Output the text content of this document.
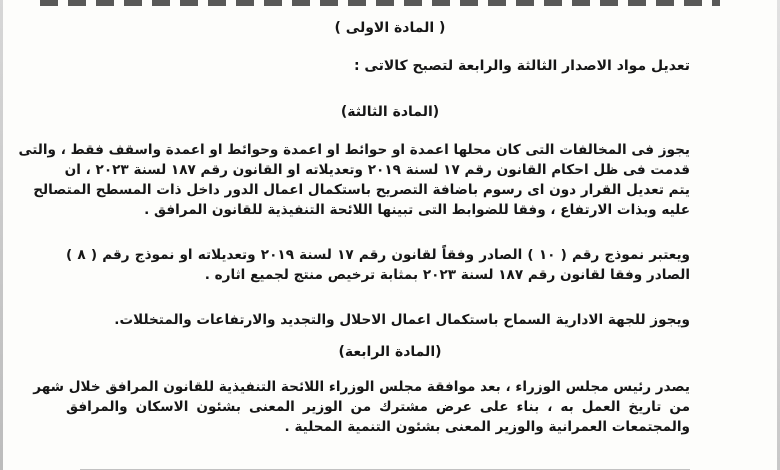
( المادة الاولى )
تعديل مواد الاصدار الثالثة والرابعة لتصبح كالاتى :
(المادة الثالثة)
يجوز فى المخالفات التى كان محلها اعمدة او حوائط او اعمدة وحوائط او اعمدة واسقف فقط ، والتى
قدمت فى ظل احكام القانون رقم ١٧ لسنة ٢٠١٩ وتعديلاته او القانون رقم ١٨٧ لسنة ٢٠٢٣ ، ان
يتم تعديل القرار دون اى رسوم باضافة التصريح باستكمال اعمال الدور داخل ذات المسطح المتصالح
عليه وبذات الارتفاع ، وفقا للضوابط التى تبينها اللائحة التنفيذية للقانون المرافق .
ويعتبر نموذج رقم ( ١٠ ) الصادر وفقاً لقانون رقم ١٧ لسنة ٢٠١٩ وتعديلاته او نموذج رقم ( ٨ )
الصادر وفقا لقانون رقم ١٨٧ لسنة ٢٠٢٣ بمثابة ترخيص منتج لجميع اثاره .
ويجوز للجهة الادارية السماح باستكمال اعمال الاحلال والتجديد والارتفاعات والمتخللات.
(المادة الرابعة)
يصدر رئيس مجلس الوزراء ، بعد موافقة مجلس الوزراء اللائحة التنفيذية للقانون المرافق خلال شهر
من تاريخ العمل به ، بناء على عرض مشترك من الوزير المعنى بشئون الاسكان والمرافق
والمجتمعات العمرانية والوزير المعنى بشئون التنمية المحلية .
